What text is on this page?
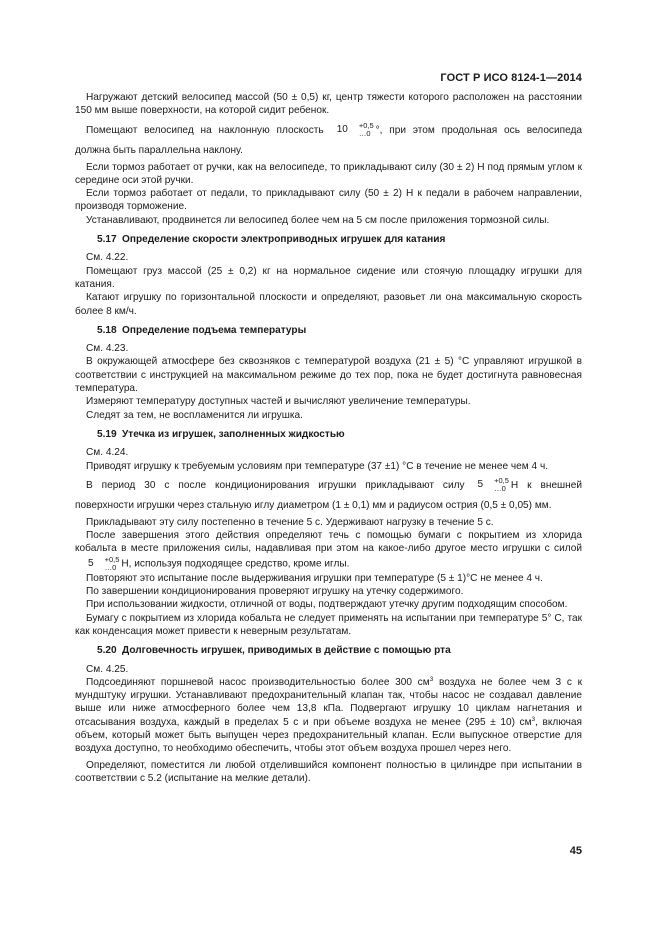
ГОСТ Р ИСО 8124-1—2014

Нагружают детский велосипед массой (50 ± 0,5) кг, центр тяжести которого расположен на расстоянии 150 мм выше поверхности, на которой сидит ребенок.

Помещают велосипед на наклонную плоскость 10	+0,5
…0 °, при этом продольная ось велосипеда должна быть параллельна наклону.

Если тормоз работает от ручки, как на велосипеде, то прикладывают силу (30 ± 2) Н под прямым углом к середине оси этой ручки.

Если тормоз работает от педали, то прикладывают силу (50 ± 2) Н к педали в рабочем направлении, производя торможение.

Устанавливают, продвинется ли велосипед более чем на 5 см после приложения тормозной силы.

5.17 Определение скорости электроприводных игрушек для катания

См. 4.22.

Помещают груз массой (25 ± 0,2) кг на нормальное сидение или стоячую площадку игрушки для катания.

Катают игрушку по горизонтальной плоскости и определяют, разовьет ли она максимальную скорость более 8 км/ч.

5.18 Определение подъема температуры

См. 4.23.

В окружающей атмосфере без сквозняков с температурой воздуха (21 ± 5) °С управляют игрушкой в соответствии с инструкцией на максимальном режиме до тех пор, пока не будет достигнута равновесная температура.

Измеряют температуру доступных частей и вычисляют увеличение температуры.

Следят за тем, не воспламенится ли игрушка.

5.19 Утечка из игрушек, заполненных жидкостью

См. 4.24.

Приводят игрушку к требуемым условиям при температуре (37 ±1) °С в течение не менее чем 4 ч.

В период 30 с после кондиционирования игрушки прикладывают силу 5	+0,5
…0 Н к внешней поверхности игрушки через стальную иглу диаметром (1 ± 0,1) мм и радиусом острия (0,5 ± 0,05) мм.

Прикладывают эту силу постепенно в течение 5 с. Удерживают нагрузку в течение 5 с.

После завершения этого действия определяют течь с помощью бумаги с покрытием из хлорида кобальта в месте приложения силы, надавливая при этом на какое-либо другое место игрушки с силой5	+0,5
…0 Н, используя подходящее средство, кроме иглы.

Повторяют это испытание после выдерживания игрушки при температуре (5 ± 1)°С не менее 4 ч.

По завершении кондиционирования проверяют игрушку на утечку содержимого.

При использовании жидкости, отличной от воды, подтверждают утечку другим подходящим способом.

Бумагу с покрытием из хлорида кобальта не следует применять на испытании при температуре 5° С, так как конденсация может привести к неверным результатам.

5.20 Долговечность игрушек, приводимых в действие с помощью рта

См. 4.25.

Подсоединяют поршневой насос производительностью более 300 $см^3$ воздуха не более чем 3 с к мундштуку игрушки. Устанавливают предохранительный клапан так, чтобы насос не создавал давление выше или ниже атмосферного более чем 13,8 кПа. Подвергают игрушку 10 циклам нагнетания и отсасывания воздуха, каждый в пределах 5 с и при объеме воздуха не менее (295 ± 10) $см^3$, включая объем, который может быть выпущен через предохранительный клапан. Если выпускное отверстие для воздуха доступно, то необходимо обеспечить, чтобы этот объем воздуха прошел через него.

Определяют, поместится ли любой отделившийся компонент полностью в цилиндре при испытании в соответствии с 5.2 (испытание на мелкие детали).

45
